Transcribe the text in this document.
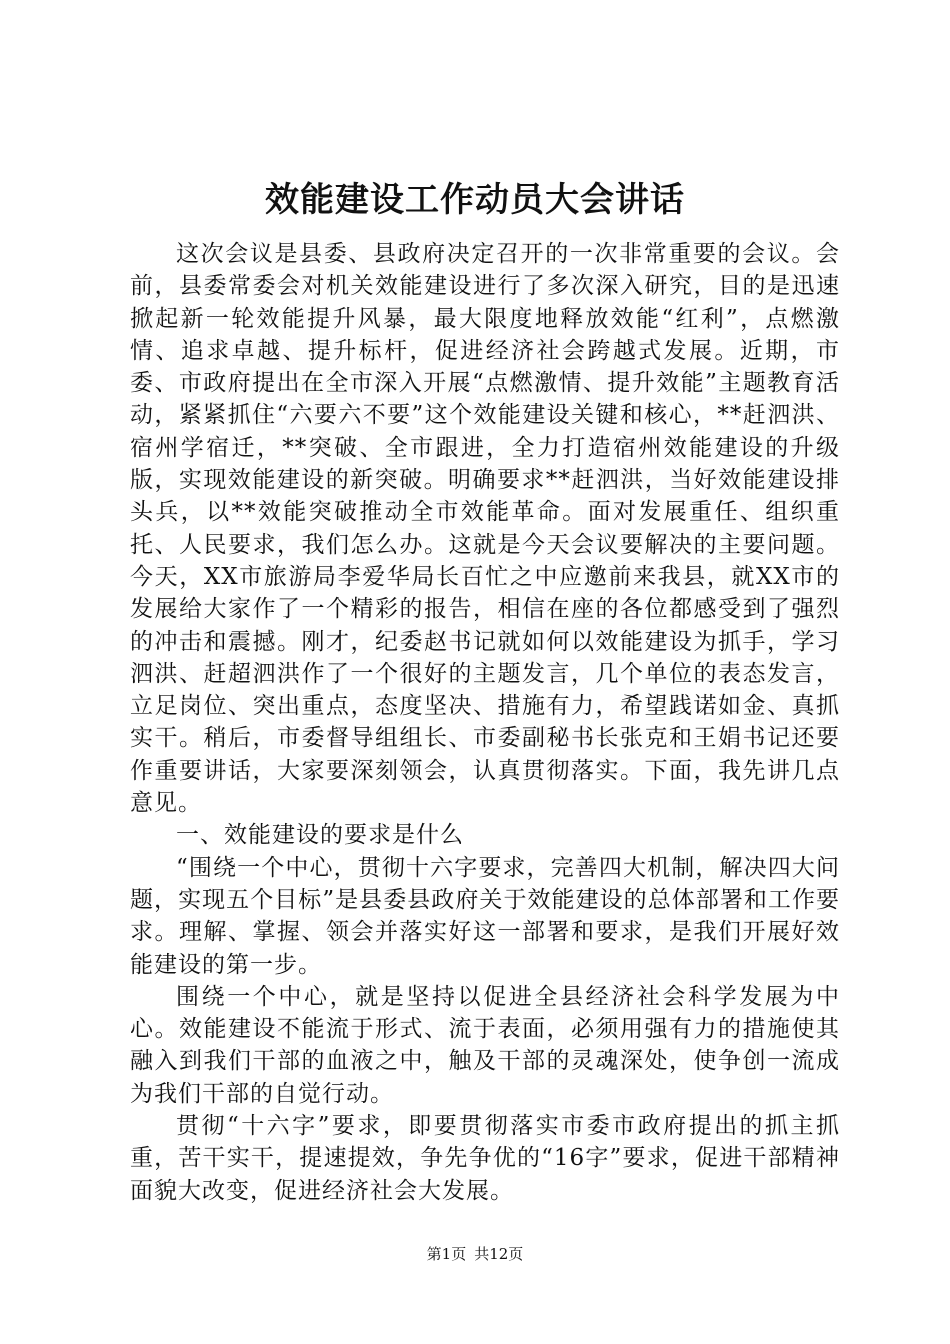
效能建设工作动员大会讲话

这次会议是县委、县政府决定召开的一次非常重要的会议。会前，县委常委会对机关效能建设进行了多次深入研究，目的是迅速掀起新一轮效能提升风暴，最大限度地释放效能“红利”，点燃激情、追求卓越、提升标杆，促进经济社会跨越式发展。近期，市委、市政府提出在全市深入开展“点燃激情、提升效能”主题教育活动，紧紧抓住“六要六不要”这个效能建设关键和核心，**赶泗洪、宿州学宿迁，**突破、全市跟进，全力打造宿州效能建设的升级版，实现效能建设的新突破。明确要求**赶泗洪，当好效能建设排头兵，以**效能突破推动全市效能革命。面对发展重任、组织重托、人民要求，我们怎么办。这就是今天会议要解决的主要问题。今天，XX市旅游局李爱华局长百忙之中应邀前来我县，就XX市的发展给大家作了一个精彩的报告，相信在座的各位都感受到了强烈的冲击和震撼。刚才，纪委赵书记就如何以效能建设为抓手，学习泗洪、赶超泗洪作了一个很好的主题发言，几个单位的表态发言，立足岗位、突出重点，态度坚决、措施有力，希望践诺如金、真抓实干。稍后，市委督导组组长、市委副秘书长张克和王娟书记还要作重要讲话，大家要深刻领会，认真贯彻落实。下面，我先讲几点意见。

一、效能建设的要求是什么

“围绕一个中心，贯彻十六字要求，完善四大机制，解决四大问题，实现五个目标”是县委县政府关于效能建设的总体部署和工作要求。理解、掌握、领会并落实好这一部署和要求，是我们开展好效能建设的第一步。

围绕一个中心，就是坚持以促进全县经济社会科学发展为中心。效能建设不能流于形式、流于表面，必须用强有力的措施使其融入到我们干部的血液之中，触及干部的灵魂深处，使争创一流成为我们干部的自觉行动。

贯彻“十六字”要求，即要贯彻落实市委市政府提出的抓主抓重，苦干实干，提速提效，争先争优的“16字”要求，促进干部精神面貌大改变，促进经济社会大发展。

第1页 共12页
